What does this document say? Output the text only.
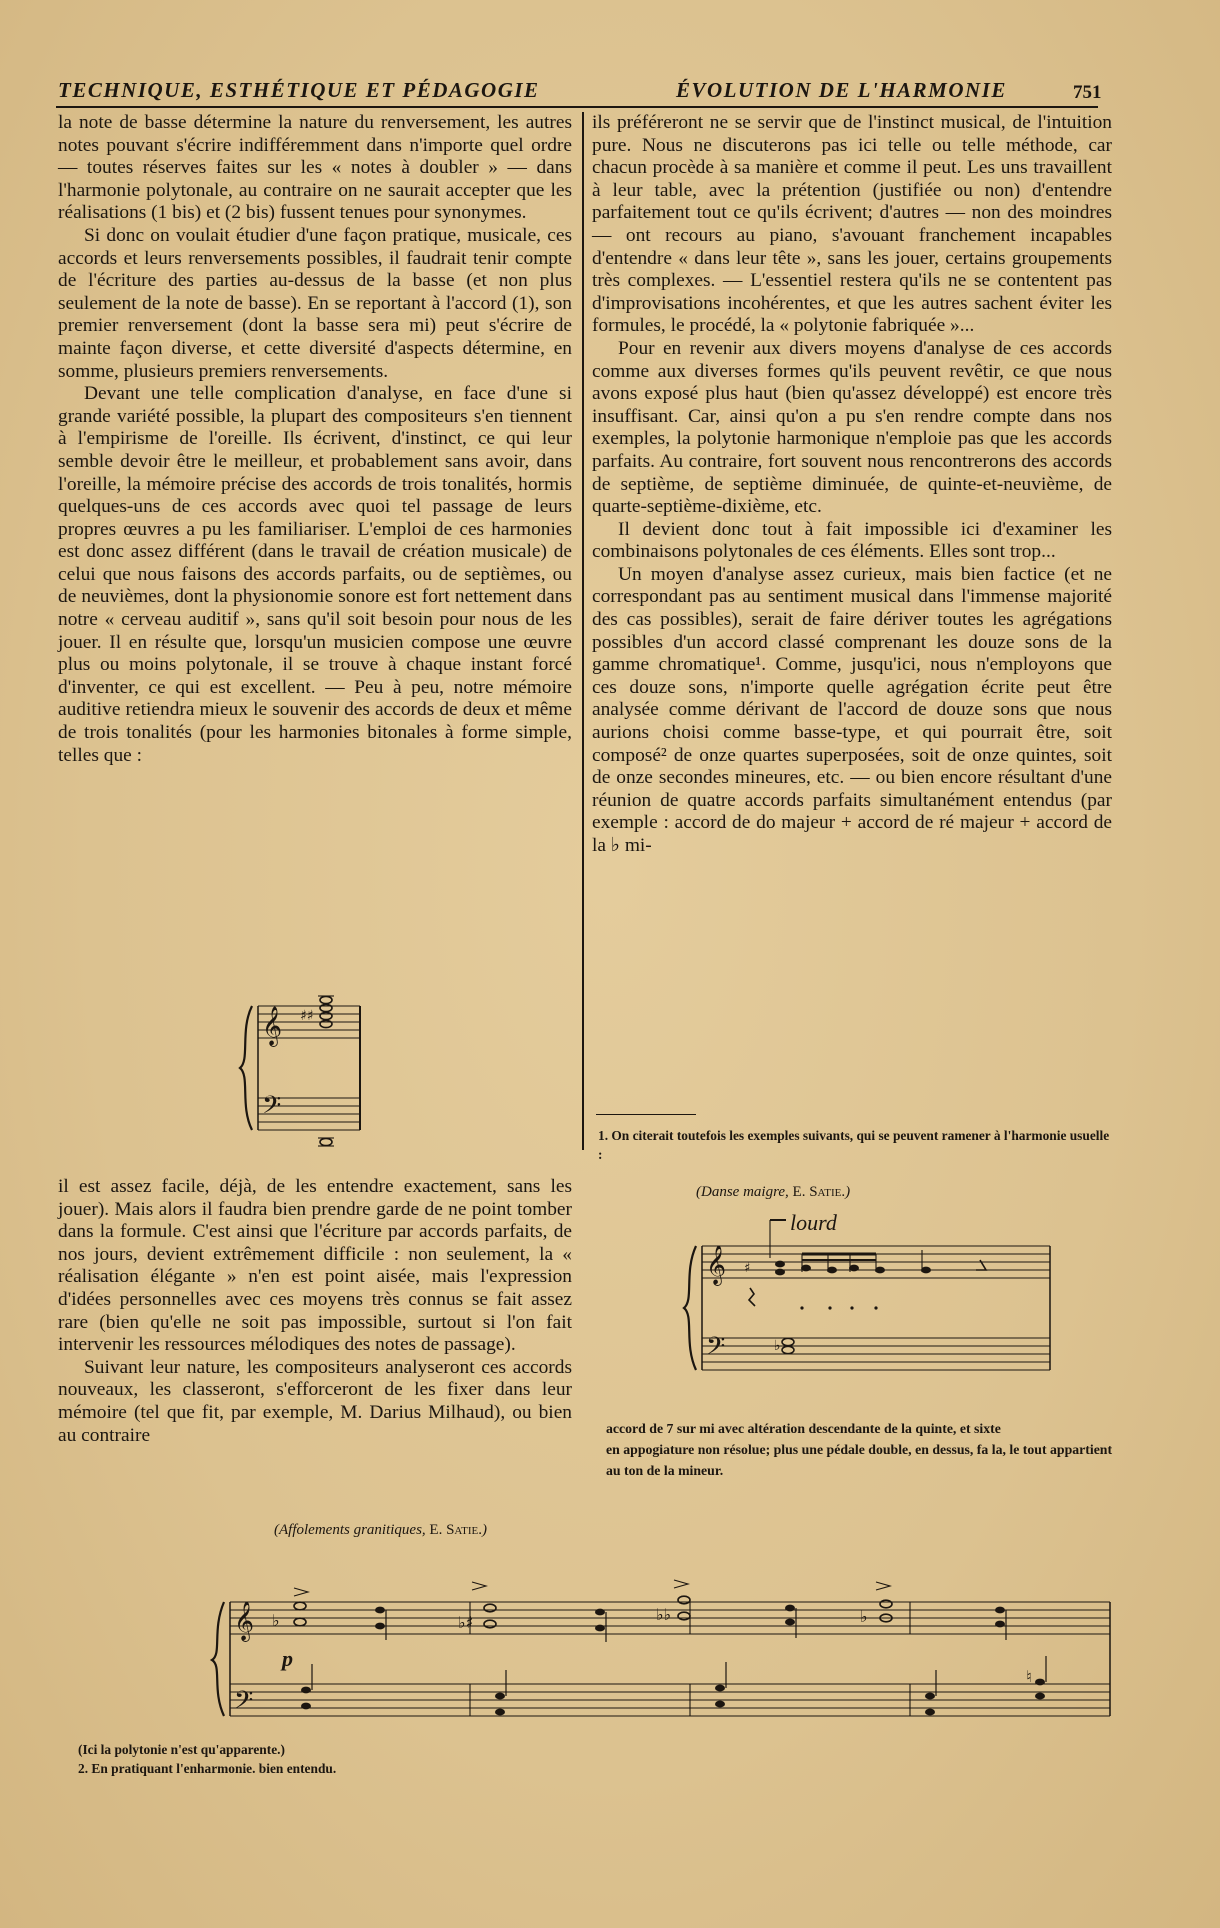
TECHNIQUE, ESTHÉTIQUE ET PÉDAGOGIE	ÉVOLUTION DE L'HARMONIE	751

la note de basse détermine la nature du renversement, les autres notes pouvant s'écrire indifféremment dans n'importe quel ordre — toutes réserves faites sur les « notes à doubler » — dans l'harmonie polytonale, au contraire on ne saurait accepter que les réalisations (1 bis) et (2 bis) fussent tenues pour synonymes.

Si donc on voulait étudier d'une façon pratique, musicale, ces accords et leurs renversements possibles, il faudrait tenir compte de l'écriture des parties au-dessus de la basse (et non plus seulement de la note de basse). En se reportant à l'accord (1), son premier renversement (dont la basse sera mi) peut s'écrire de mainte façon diverse, et cette diversité d'aspects détermine, en somme, plusieurs premiers renversements.

Devant une telle complication d'analyse, en face d'une si grande variété possible, la plupart des compositeurs s'en tiennent à l'empirisme de l'oreille. Ils écrivent, d'instinct, ce qui leur semble devoir être le meilleur, et probablement sans avoir, dans l'oreille, la mémoire précise des accords de trois tonalités, hormis quelques-uns de ces accords avec quoi tel passage de leurs propres œuvres a pu les familiariser. L'emploi de ces harmonies est donc assez différent (dans le travail de création musicale) de celui que nous faisons des accords parfaits, ou de septièmes, ou de neuvièmes, dont la physionomie sonore est fort nettement dans notre « cerveau auditif », sans qu'il soit besoin pour nous de les jouer. Il en résulte que, lorsqu'un musicien compose une œuvre plus ou moins polytonale, il se trouve à chaque instant forcé d'inventer, ce qui est excellent. — Peu à peu, notre mémoire auditive retiendra mieux le souvenir des accords de deux et même de trois tonalités (pour les harmonies bitonales à forme simple, telles que :

𝄞
𝄢
♯♯

il est assez facile, déjà, de les entendre exactement, sans les jouer). Mais alors il faudra bien prendre garde de ne point tomber dans la formule. C'est ainsi que l'écriture par accords parfaits, de nos jours, devient extrêmement difficile : non seulement, la « réalisation élégante » n'en est point aisée, mais l'expression d'idées personnelles avec ces moyens très connus se fait assez rare (bien qu'elle ne soit pas impossible, surtout si l'on fait intervenir les ressources mélodiques des notes de passage).

Suivant leur nature, les compositeurs analyseront ces accords nouveaux, les classeront, s'efforceront de les fixer dans leur mémoire (tel que fit, par exemple, M. Darius Milhaud), ou bien au contraire

ils préféreront ne se servir que de l'instinct musical, de l'intuition pure. Nous ne discuterons pas ici telle ou telle méthode, car chacun procède à sa manière et comme il peut. Les uns travaillent à leur table, avec la prétention (justifiée ou non) d'entendre parfaitement tout ce qu'ils écrivent; d'autres — non des moindres — ont recours au piano, s'avouant franchement incapables d'entendre « dans leur tête », sans les jouer, certains groupements très complexes. — L'essentiel restera qu'ils ne se contentent pas d'improvisations incohérentes, et que les autres sachent éviter les formules, le procédé, la « polytonie fabriquée »...

Pour en revenir aux divers moyens d'analyse de ces accords comme aux diverses formes qu'ils peuvent revêtir, ce que nous avons exposé plus haut (bien qu'assez développé) est encore très insuffisant. Car, ainsi qu'on a pu s'en rendre compte dans nos exemples, la polytonie harmonique n'emploie pas que les accords parfaits. Au contraire, fort souvent nous rencontrerons des accords de septième, de septième diminuée, de quinte-et-neuvième, de quarte-septième-dixième, etc.

Il devient donc tout à fait impossible ici d'examiner les combinaisons polytonales de ces éléments. Elles sont trop...

Un moyen d'analyse assez curieux, mais bien factice (et ne correspondant pas au sentiment musical dans l'immense majorité des cas possibles), serait de faire dériver toutes les agrégations possibles d'un accord classé comprenant les douze sons de la gamme chromatique¹. Comme, jusqu'ici, nous n'employons que ces douze sons, n'importe quelle agrégation écrite peut être analysée comme dérivant de l'accord de douze sons que nous aurions choisi comme basse-type, et qui pourrait être, soit composé² de onze quartes superposées, soit de onze quintes, soit de onze secondes mineures, etc. — ou bien encore résultant d'une réunion de quatre accords parfaits simultanément entendus (par exemple : accord de do majeur + accord de ré majeur + accord de la ♭ mi-

1. On citerait toutefois les exemples suivants, qui se peuvent ramener à l'harmonie usuelle :
(Danse maigre, E. Satie.)
𝄞
𝄢
♯
♭
lourd
accord de 7 sur mi avec altération descendante de la quinte, et sixte
en appogiature non résolue; plus une pédale double, en dessus, fa la, le tout appartient au ton de la mineur.
(Affolements granitiques, E. Satie.)
𝄞
𝄢
p
♭	♭♯	♭♭	♭
♮
(Ici la polytonie n'est qu'apparente.)
2. En pratiquant l'enharmonie. bien entendu.
